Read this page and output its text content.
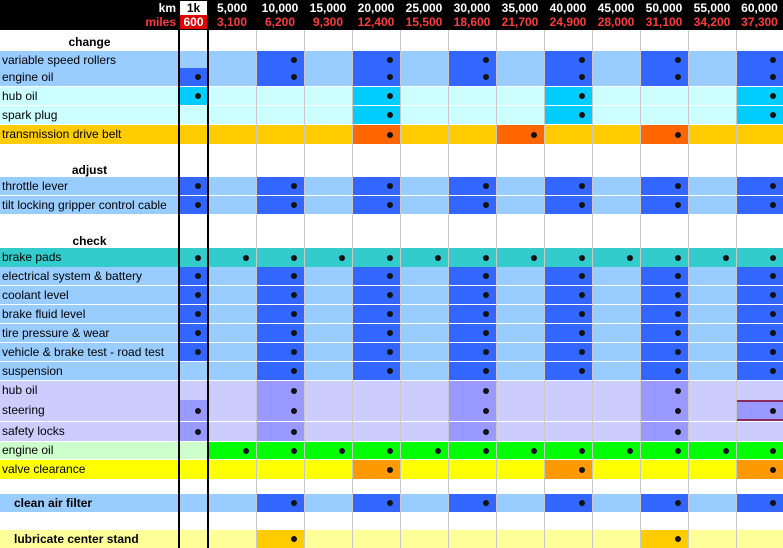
km
miles
1k
600
5,000
3,100
10,000
6,200
15,000
9,300
20,000
12,400
25,000
15,500
30,000
18,600
35,000
21,700
40,000
24,900
45,000
28,000
50,000
31,100
55,000
34,200
60,000
37,300
variable speed rollers
engine oil
hub oil
spark plug
transmission drive belt
throttle lever
tilt locking gripper control cable
brake pads
electrical system & battery
coolant level
brake fluid level
tire pressure & wear
vehicle & brake test - road test
suspension
hub oil
steering
safety locks
engine oil
valve clearance
clean air filter
lubricate center stand
change
adjust
check
